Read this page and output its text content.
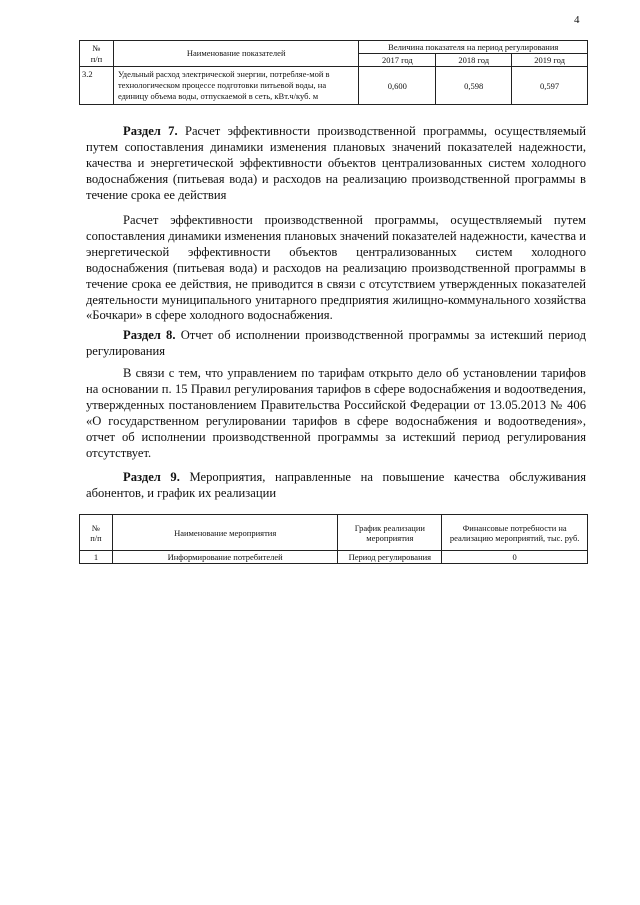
4
№
п/п	Наименование показателей	Величина показателя на период регулирования		
		2017 год	2018 год	2019 год
3.2	Удельный расход электрической энергии, потребляе-мой в технологическом процессе подготовки питьевой воды, на единицу объема воды, отпускаемой в сеть, кВт.ч/куб. м	0,600	0,598	0,597

Раздел 7. Расчет эффективности производственной программы, осуществляемый путем сопоставления динамики изменения плановых значений показателей надежности, качества и энергетической эффективности объектов централизованных систем холодного водоснабжения (питьевая вода) и расходов на реализацию производственной программы в течение срока ее действия

Расчет эффективности производственной программы, осуществляемый путем сопоставления динамики изменения плановых значений показателей надежности, качества и энергетической эффективности объектов централизованных систем холодного водоснабжения (питьевая вода) и расходов на реализацию производственной программы в течение срока ее действия, не приводится в связи с отсутствием утвержденных показателей деятельности муниципального унитарного предприятия жилищно-коммунального хозяйства «Бочкари» в сфере холодного водоснабжения.

Раздел 8. Отчет об исполнении производственной программы за истекший период регулирования

В связи с тем, что управлением по тарифам открыто дело об установлении тарифов на основании п. 15 Правил регулирования тарифов в сфере водоснабжения и водоотведения, утвержденных постановлением Правительства Российской Федерации от 13.05.2013 № 406 «О государственном регулировании тарифов в сфере водоснабжения и водоотведения», отчет об исполнении производственной программы за истекший период регулирования отсутствует.

Раздел 9. Мероприятия, направленные на повышение качества обслуживания абонентов, и график их реализации

№
п/п	Наименование мероприятия	График реализации мероприятия	Финансовые потребности на реализацию мероприятий, тыс. руб.
1	Информирование потребителей	Период регулирования	0
